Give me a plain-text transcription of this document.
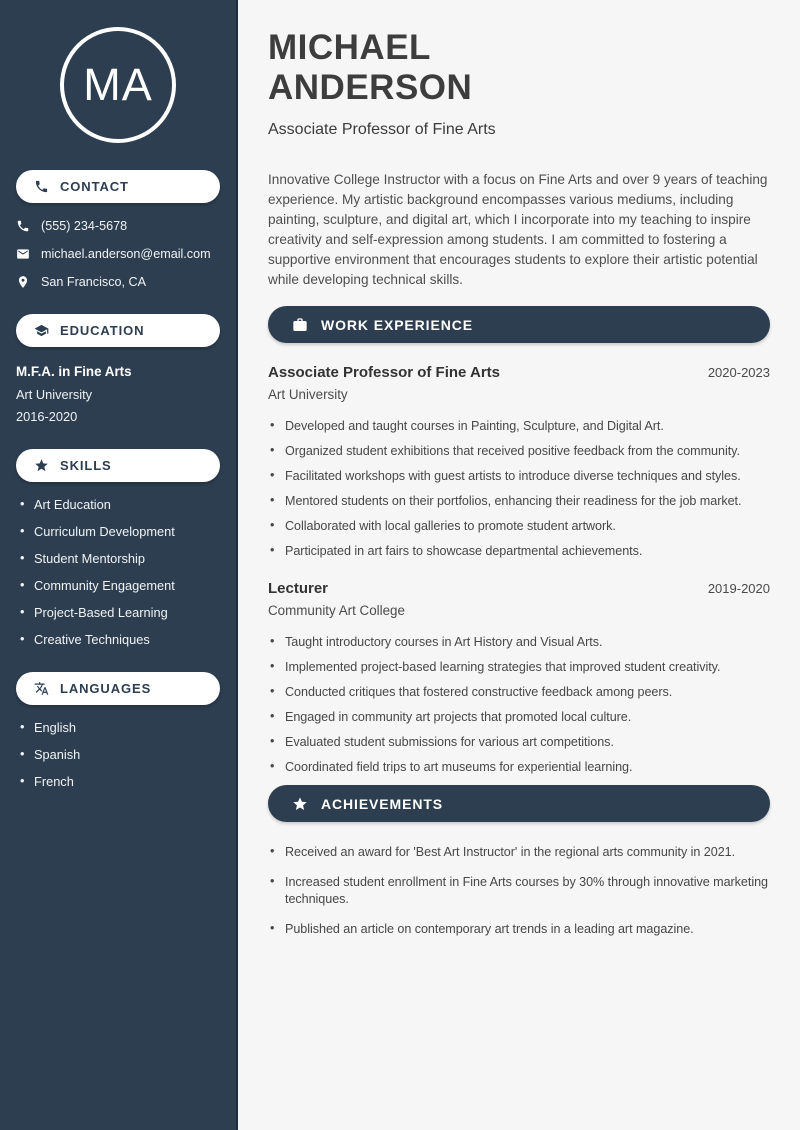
MA
CONTACT
(555) 234-5678
michael.anderson@email.com
San Francisco, CA
EDUCATION
M.F.A. in Fine Arts
Art University
2016-2020
SKILLS
• Art Education
• Curriculum Development
• Student Mentorship
• Community Engagement
• Project-Based Learning
• Creative Techniques
LANGUAGES
• English
• Spanish
• French
MICHAEL
ANDERSON
Associate Professor of Fine Arts

Innovative College Instructor with a focus on Fine Arts and over 9 years of teaching experience. My artistic background encompasses various mediums, including painting, sculpture, and digital art, which I incorporate into my teaching to inspire creativity and self-expression among students. I am committed to fostering a supportive environment that encourages students to explore their artistic potential while developing technical skills.

WORK EXPERIENCE
Associate Professor of Fine Arts	2020-2023
Art University
• Developed and taught courses in Painting, Sculpture, and Digital Art.
• Organized student exhibitions that received positive feedback from the community.
• Facilitated workshops with guest artists to introduce diverse techniques and styles.
• Mentored students on their portfolios, enhancing their readiness for the job market.
• Collaborated with local galleries to promote student artwork.
• Participated in art fairs to showcase departmental achievements.
Lecturer	2019-2020
Community Art College
• Taught introductory courses in Art History and Visual Arts.
• Implemented project-based learning strategies that improved student creativity.
• Conducted critiques that fostered constructive feedback among peers.
• Engaged in community art projects that promoted local culture.
• Evaluated student submissions for various art competitions.
• Coordinated field trips to art museums for experiential learning.
ACHIEVEMENTS
• Received an award for 'Best Art Instructor' in the regional arts community in 2021.
• Increased student enrollment in Fine Arts courses by 30% through innovative marketing techniques.
• Published an article on contemporary art trends in a leading art magazine.
